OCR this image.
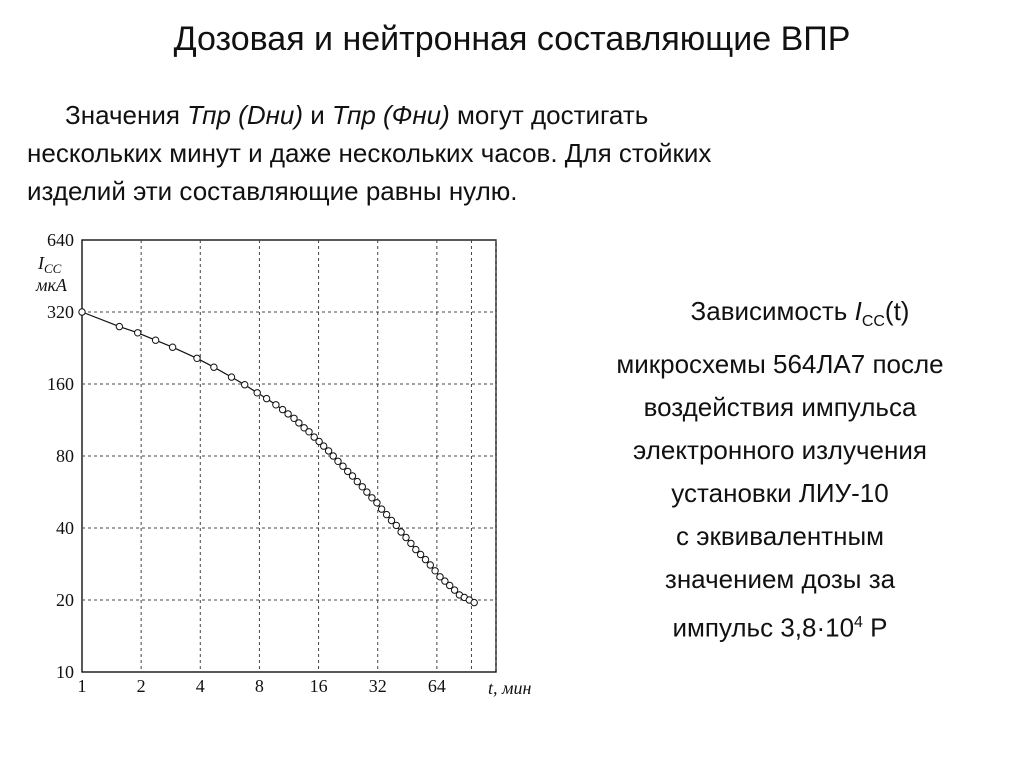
Дозовая и нейтронная составляющие ВПР
Значения Тпр (Dни) и Тпр (Фни) могут достигать
нескольких минут и даже нескольких часов. Для стойких
изделий эти составляющие равны нулю.
Зависимость $I_{CC}(t)$
микросхемы 564ЛА7 после
воздействия импульса
электронного излучения
установки ЛИУ-10
с эквивалентным
значением дозы за
импульс $3,8\cdot 10^4$ Р
1	2	4	8	16 32 64
640
320
160
80
40
20
10
$I_{CC}$
мкА
t, мин
